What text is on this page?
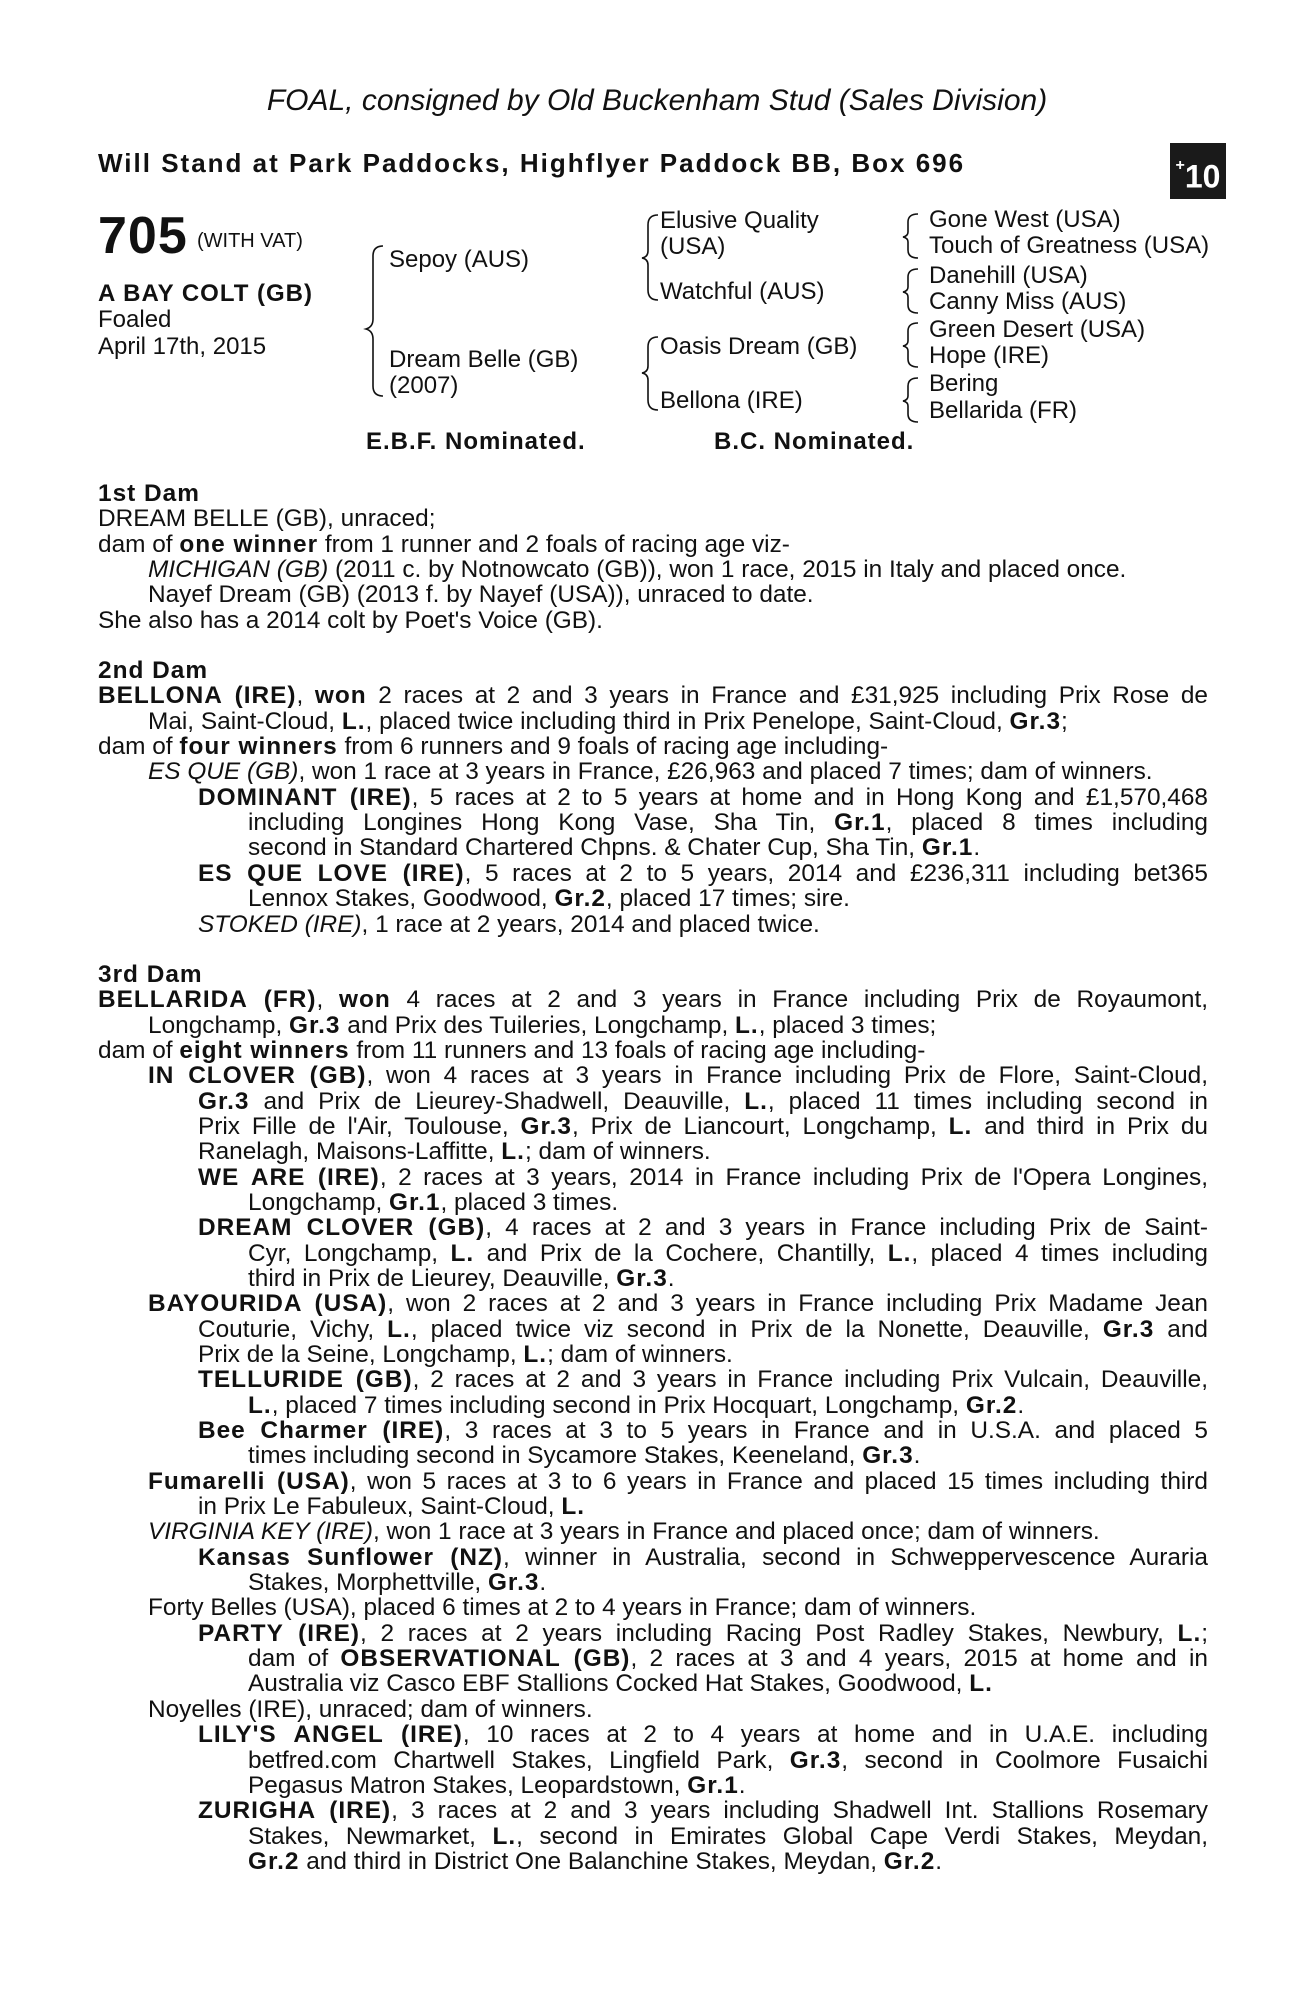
FOAL, consigned by Old Buckenham Stud (Sales Division)
Will Stand at Park Paddocks, Highflyer Paddock BB, Box 696	+10
705 (WITH VAT)
A BAY COLT (GB)
Foaled
April 17th, 2015
Sepoy (AUS)
Dream Belle (GB)
(2007)
Elusive Quality
(USA)
Watchful (AUS)
Oasis Dream (GB)
Bellona (IRE)
Gone West (USA)
Touch of Greatness (USA)
Danehill (USA)
Canny Miss (AUS)
Green Desert (USA)
Hope (IRE)
Bering
Bellarida (FR)
E.B.F. Nominated.	B.C. Nominated.
1st Dam
DREAM BELLE (GB), unraced;
dam of one winner from 1 runner and 2 foals of racing age viz-
MICHIGAN (GB) (2011 c. by Notnowcato (GB)), won 1 race, 2015 in Italy and placed once.
Nayef Dream (GB) (2013 f. by Nayef (USA)), unraced to date.
She also has a 2014 colt by Poet's Voice (GB).
2nd Dam
BELLONA (IRE), won 2 races at 2 and 3 years in France and £31,925 including Prix Rose de
Mai, Saint-Cloud, L., placed twice including third in Prix Penelope, Saint-Cloud, Gr.3;
dam of four winners from 6 runners and 9 foals of racing age including-
ES QUE (GB), won 1 race at 3 years in France, £26,963 and placed 7 times; dam of winners.
DOMINANT (IRE), 5 races at 2 to 5 years at home and in Hong Kong and £1,570,468
including Longines Hong Kong Vase, Sha Tin, Gr.1, placed 8 times including
second in Standard Chartered Chpns. & Chater Cup, Sha Tin, Gr.1.
ES QUE LOVE (IRE), 5 races at 2 to 5 years, 2014 and £236,311 including bet365
Lennox Stakes, Goodwood, Gr.2, placed 17 times; sire.
STOKED (IRE), 1 race at 2 years, 2014 and placed twice.
3rd Dam
BELLARIDA (FR), won 4 races at 2 and 3 years in France including Prix de Royaumont,
Longchamp, Gr.3 and Prix des Tuileries, Longchamp, L., placed 3 times;
dam of eight winners from 11 runners and 13 foals of racing age including-
IN CLOVER (GB), won 4 races at 3 years in France including Prix de Flore, Saint-Cloud,
Gr.3 and Prix de Lieurey-Shadwell, Deauville, L., placed 11 times including second in
Prix Fille de l'Air, Toulouse, Gr.3, Prix de Liancourt, Longchamp, L. and third in Prix du
Ranelagh, Maisons-Laffitte, L.; dam of winners.
WE ARE (IRE), 2 races at 3 years, 2014 in France including Prix de l'Opera Longines,
Longchamp, Gr.1, placed 3 times.
DREAM CLOVER (GB), 4 races at 2 and 3 years in France including Prix de Saint-
Cyr, Longchamp, L. and Prix de la Cochere, Chantilly, L., placed 4 times including
third in Prix de Lieurey, Deauville, Gr.3.
BAYOURIDA (USA), won 2 races at 2 and 3 years in France including Prix Madame Jean
Couturie, Vichy, L., placed twice viz second in Prix de la Nonette, Deauville, Gr.3 and
Prix de la Seine, Longchamp, L.; dam of winners.
TELLURIDE (GB), 2 races at 2 and 3 years in France including Prix Vulcain, Deauville,
L., placed 7 times including second in Prix Hocquart, Longchamp, Gr.2.
Bee Charmer (IRE), 3 races at 3 to 5 years in France and in U.S.A. and placed 5
times including second in Sycamore Stakes, Keeneland, Gr.3.
Fumarelli (USA), won 5 races at 3 to 6 years in France and placed 15 times including third
in Prix Le Fabuleux, Saint-Cloud, L.
VIRGINIA KEY (IRE), won 1 race at 3 years in France and placed once; dam of winners.
Kansas Sunflower (NZ), winner in Australia, second in Schweppervescence Auraria
Stakes, Morphettville, Gr.3.
Forty Belles (USA), placed 6 times at 2 to 4 years in France; dam of winners.
PARTY (IRE), 2 races at 2 years including Racing Post Radley Stakes, Newbury, L.;
dam of OBSERVATIONAL (GB), 2 races at 3 and 4 years, 2015 at home and in
Australia viz Casco EBF Stallions Cocked Hat Stakes, Goodwood, L.
Noyelles (IRE), unraced; dam of winners.
LILY'S ANGEL (IRE), 10 races at 2 to 4 years at home and in U.A.E. including
betfred.com Chartwell Stakes, Lingfield Park, Gr.3, second in Coolmore Fusaichi
Pegasus Matron Stakes, Leopardstown, Gr.1.
ZURIGHA (IRE), 3 races at 2 and 3 years including Shadwell Int. Stallions Rosemary
Stakes, Newmarket, L., second in Emirates Global Cape Verdi Stakes, Meydan,
Gr.2 and third in District One Balanchine Stakes, Meydan, Gr.2.
